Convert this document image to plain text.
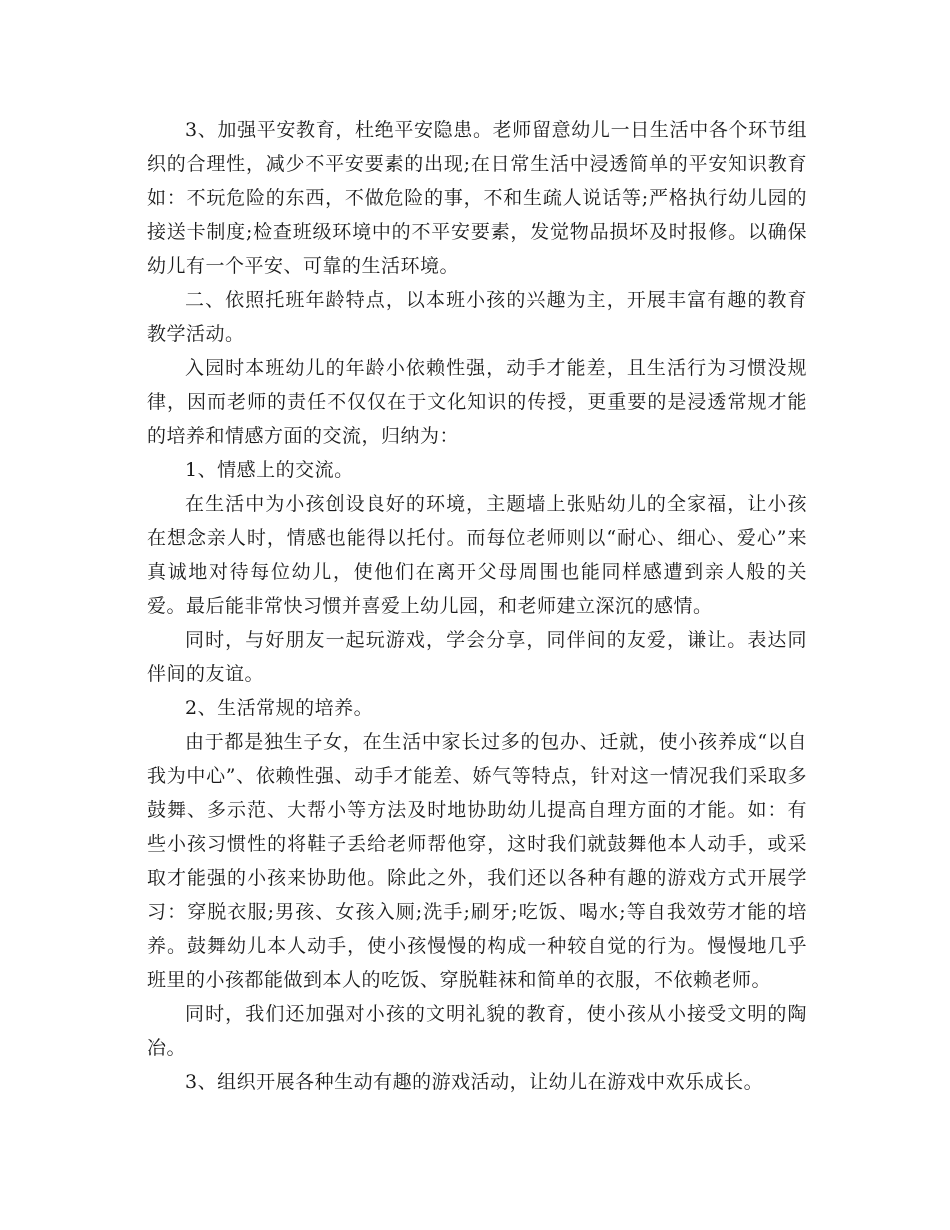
3、加强平安教育，杜绝平安隐患。老师留意幼儿一日生活中各个环节组织的合理性，减少不平安要素的出现;在日常生活中浸透简单的平安知识教育如：不玩危险的东西，不做危险的事，不和生疏人说话等;严格执行幼儿园的接送卡制度;检查班级环境中的不平安要素，发觉物品损坏及时报修。以确保幼儿有一个平安、可靠的生活环境。

二、依照托班年龄特点，以本班小孩的兴趣为主，开展丰富有趣的教育教学活动。

入园时本班幼儿的年龄小依赖性强，动手才能差，且生活行为习惯没规律，因而老师的责任不仅仅在于文化知识的传授，更重要的是浸透常规才能的培养和情感方面的交流，归纳为：

1、情感上的交流。

在生活中为小孩创设良好的环境，主题墙上张贴幼儿的全家福，让小孩在想念亲人时，情感也能得以托付。而每位老师则以“耐心、细心、爱心”来真诚地对待每位幼儿，使他们在离开父母周围也能同样感遭到亲人般的关爱。最后能非常快习惯并喜爱上幼儿园，和老师建立深沉的感情。

同时，与好朋友一起玩游戏，学会分享，同伴间的友爱，谦让。表达同伴间的友谊。

2、生活常规的培养。

由于都是独生子女，在生活中家长过多的包办、迁就，使小孩养成“以自我为中心”、依赖性强、动手才能差、娇气等特点，针对这一情况我们采取多鼓舞、多示范、大帮小等方法及时地协助幼儿提高自理方面的才能。如：有些小孩习惯性的将鞋子丢给老师帮他穿，这时我们就鼓舞他本人动手，或采取才能强的小孩来协助他。除此之外，我们还以各种有趣的游戏方式开展学习：穿脱衣服;男孩、女孩入厕;洗手;刷牙;吃饭、喝水;等自我效劳才能的培养。鼓舞幼儿本人动手，使小孩慢慢的构成一种较自觉的行为。慢慢地几乎班里的小孩都能做到本人的吃饭、穿脱鞋袜和简单的衣服，不依赖老师。

同时，我们还加强对小孩的文明礼貌的教育，使小孩从小接受文明的陶冶。

3、组织开展各种生动有趣的游戏活动，让幼儿在游戏中欢乐成长。
